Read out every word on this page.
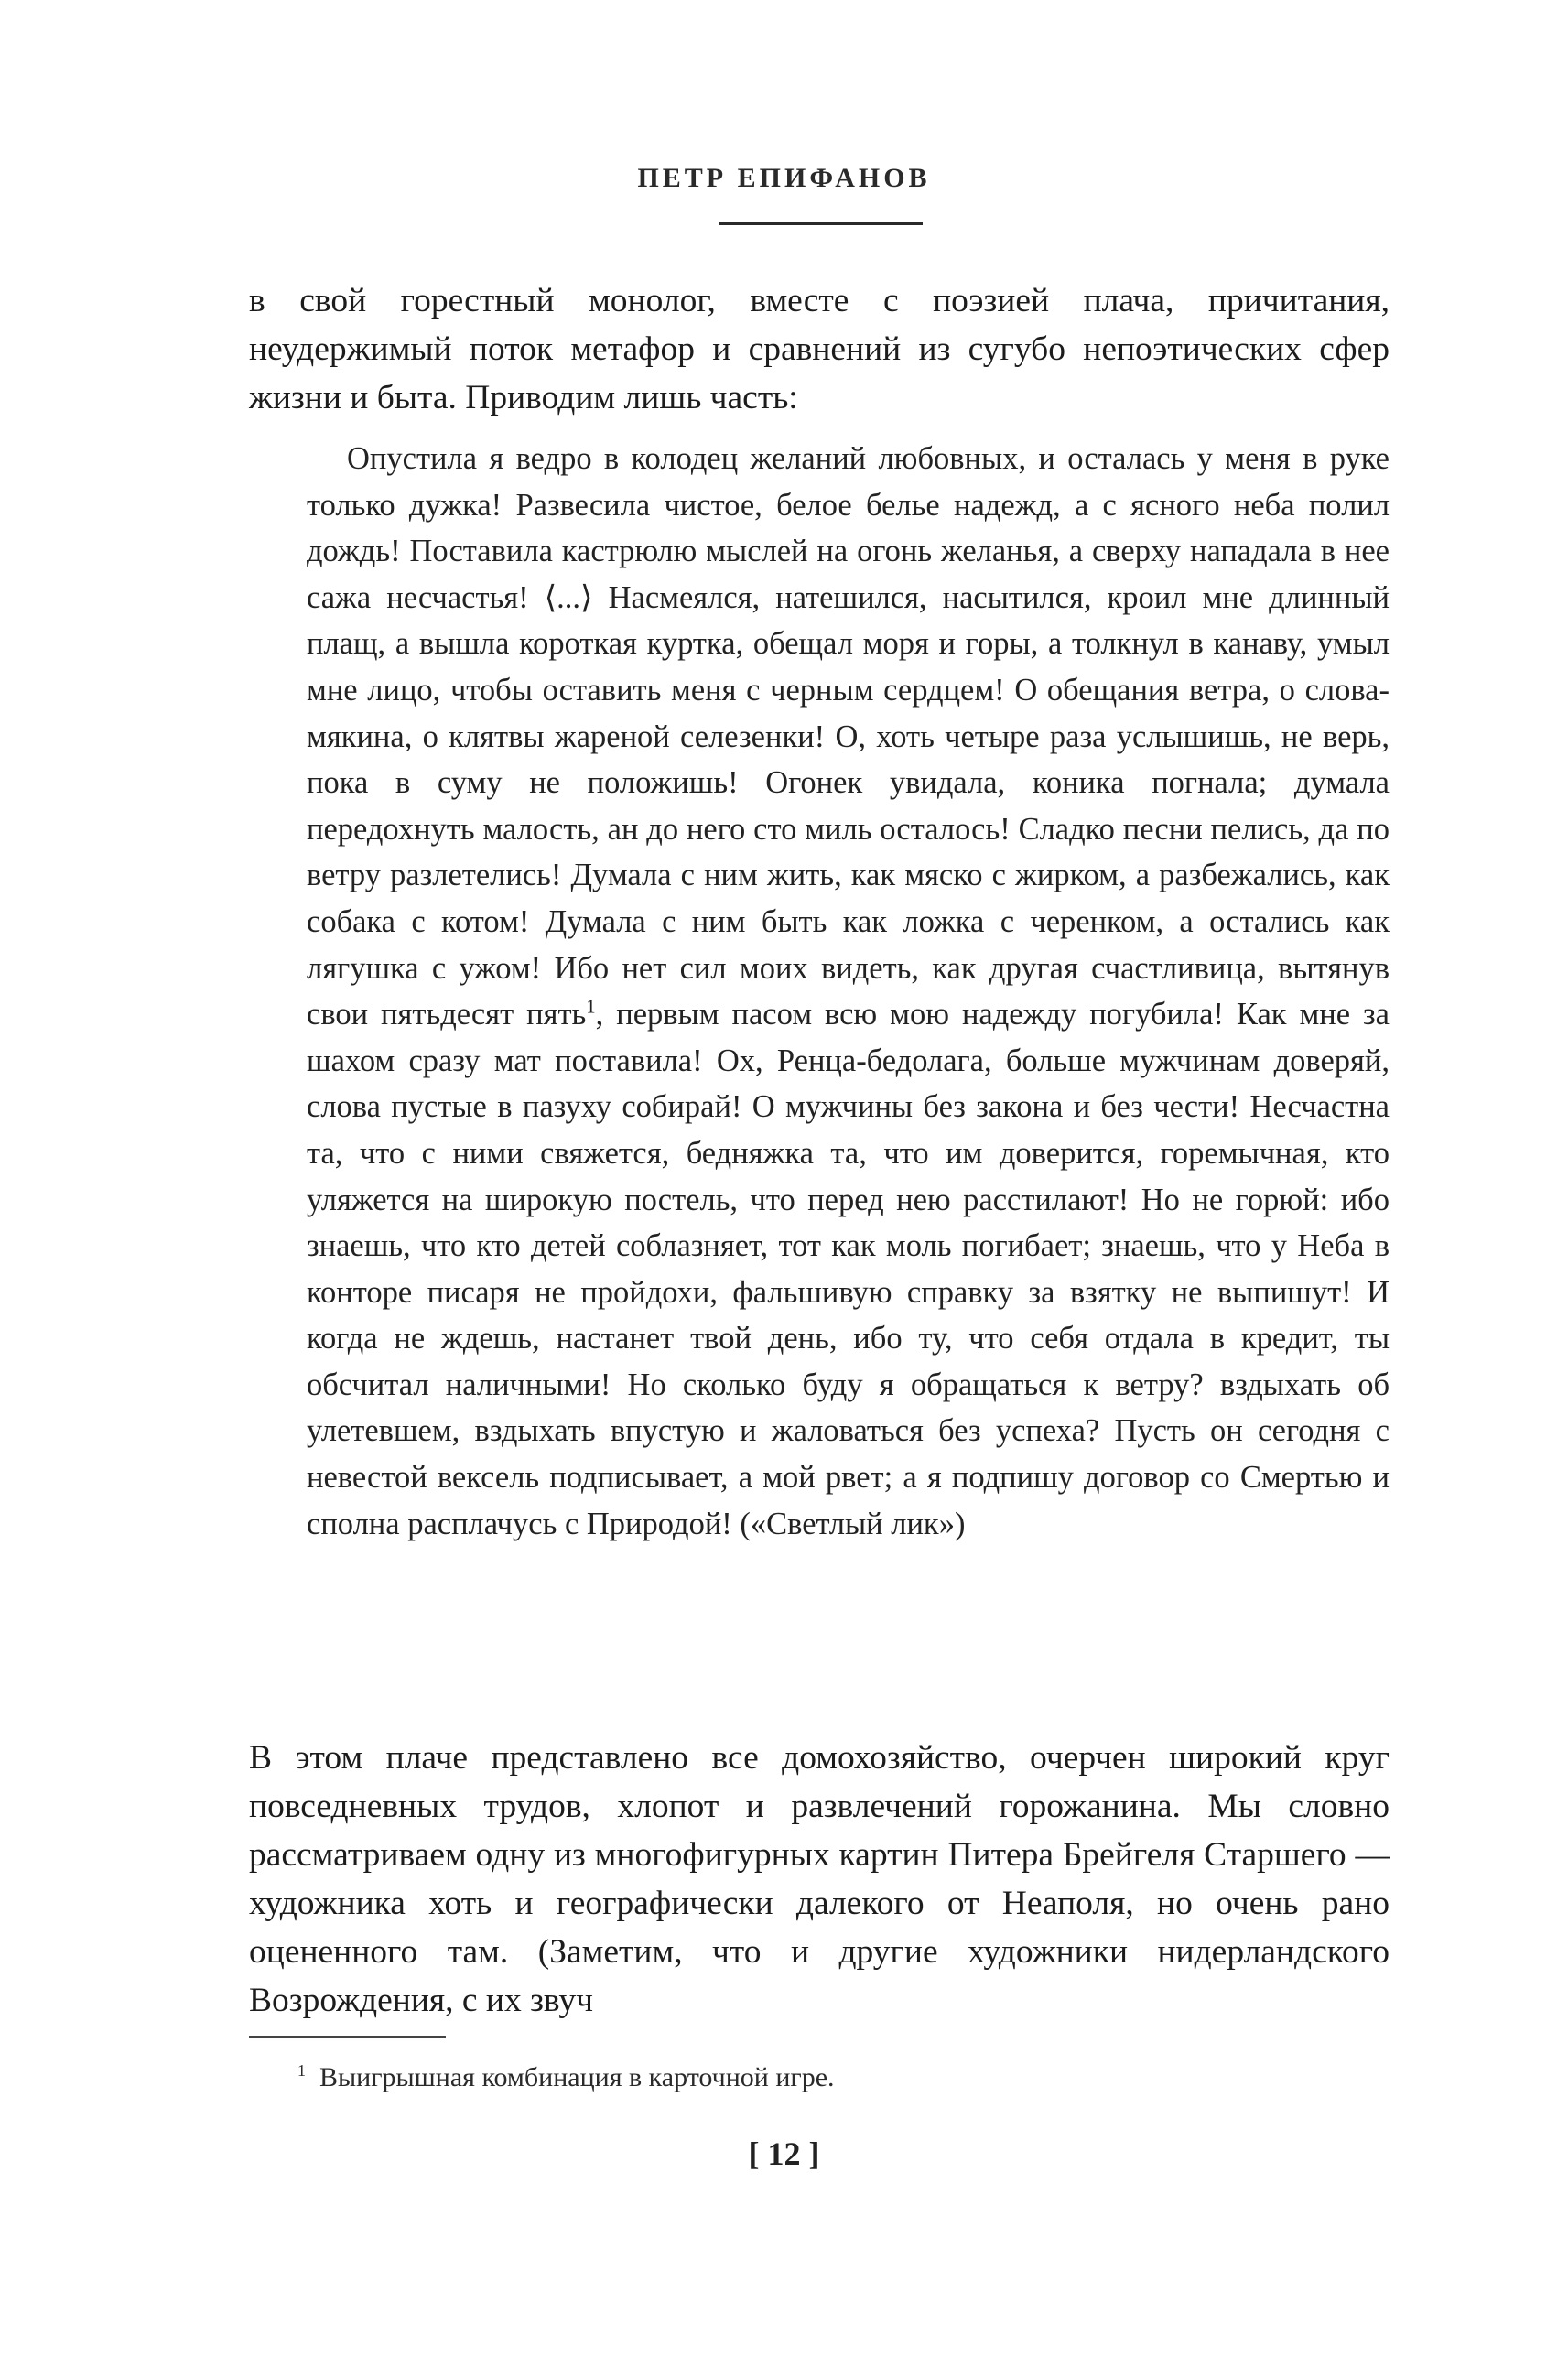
ПЕТР ЕПИФАНОВ

в свой горестный монолог, вместе с поэзией плача, причитания, неудержимый поток метафор и сравнений из сугубо непоэтических сфер жизни и быта. Приводим лишь часть:

Опустила я ведро в колодец желаний любовных, и осталась у меня в руке только дужка! Развесила чистое, белое белье надежд, а с ясного неба полил дождь! Поставила кастрюлю мыслей на огонь желанья, а сверху нападала в нее сажа несчастья! ⟨...⟩ Насмеялся, натешился, насытился, кроил мне длинный плащ, а вышла короткая куртка, обещал моря и горы, а толкнул в канаву, умыл мне лицо, чтобы оставить меня с черным сердцем! О обещания ветра, о словамякина, о клятвы жареной селезенки! О, хоть четыре раза услышишь, не верь, пока в суму не положишь! Огонек увидала, коника погнала; думала передохнуть малость, ан до него сто миль осталось! Сладко песни пелись, да по ветру разлетелись! Думала с ним жить, как мяско с жирком, а разбежались, как собака с котом! Думала с ним быть как ложка с черенком, а остались как лягушка с ужом! Ибо нет сил моих видеть, как другая счастливица, вытянув свои пятьдесят пять$^1$, первым пасом всю мою надежду погубила! Как мне за шахом сразу мат поставила! Ох, Ренца-бедолага, больше мужчинам доверяй, слова пустые в пазуху собирай! О мужчины без закона и без чести! Несчастна та, что с ними свяжется, бедняжка та, что им доверится, горемычная, кто уляжется на широкую постель, что перед нею расстилают! Но не горюй: ибо знаешь, что кто детей соблазняет, тот как моль погибает; знаешь, что у Неба в конторе писаря не пройдохи, фальшивую справку за взятку не выпишут! И когда не ждешь, настанет твой день, ибо ту, что себя отдала в кредит, ты обсчитал наличными! Но сколько буду я обращаться к ветру? вздыхать об улетевшем, вздыхать впустую и жаловаться без успеха? Пусть он сегодня с невестой вексель подписывает, а мой рвет; а я подпишу договор со Смертью и сполна расплачусь с Природой! («Светлый лик»)

В этом плаче представлено все домохозяйство, очерчен широкий круг повседневных трудов, хлопот и развлечений горожанина. Мы словно рассматриваем одну из многофигурных картин Питера Брейгеля Старшего — художника хоть и географически далекого от Неаполя, но очень рано оцененного там. (Заметим, что и другие художники нидерландского Возрождения, с их звуч

$^1$ Выигрышная комбинация в карточной игре.
[ 12 ]
